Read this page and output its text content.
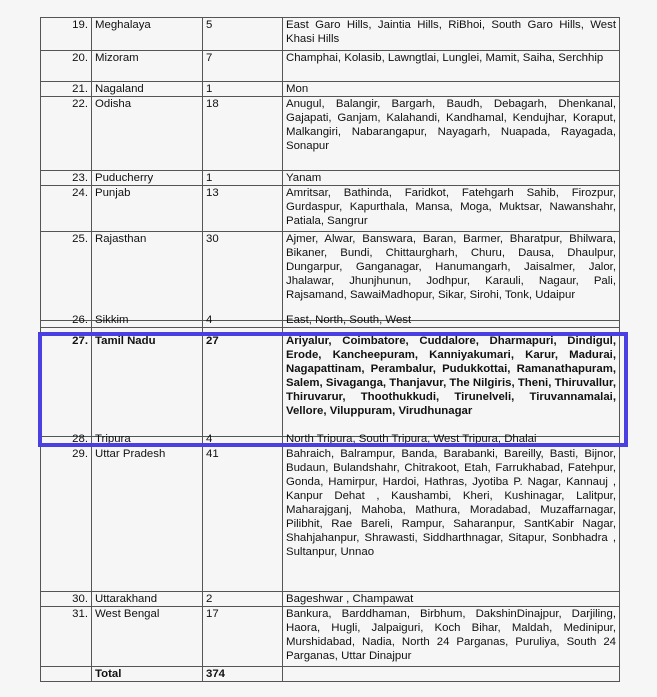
19.	Meghalaya	5	East Garo Hills, Jaintia Hills, RiBhoi, South Garo Hills, West Khasi Hills
20.	Mizoram	7	Champhai, Kolasib, Lawngtlai, Lunglei, Mamit, Saiha, Serchhip
21.	Nagaland	1	Mon
22.	Odisha	18	Anugul, Balangir, Bargarh, Baudh, Debagarh, Dhenkanal, Gajapati, Ganjam, Kalahandi, Kandhamal, Kendujhar, Koraput, Malkangiri, Nabarangapur, Nayagarh, Nuapada, Rayagada, Sonapur
23.	Puducherry	1	Yanam
24.	Punjab	13	Amritsar, Bathinda, Faridkot, Fatehgarh Sahib, Firozpur, Gurdaspur, Kapurthala, Mansa, Moga, Muktsar, Nawanshahr, Patiala, Sangrur
25.	Rajasthan	30	Ajmer, Alwar, Banswara, Baran, Barmer, Bharatpur, Bhilwara, Bikaner, Bundi, Chittaurgharh, Churu, Dausa, Dhaulpur, Dungarpur, Ganganagar, Hanumangarh, Jaisalmer, Jalor, Jhalawar, Jhunjhunun, Jodhpur, Karauli, Nagaur, Pali, Rajsamand, SawaiMadhopur, Sikar, Sirohi, Tonk, Udaipur

26.	Sikkim	4	East, North, South, West

27.	Tamil Nadu	27	Ariyalur, Coimbatore, Cuddalore, Dharmapuri, Dindigul, Erode, Kancheepuram, Kanniyakumari, Karur, Madurai, Nagapattinam, Perambalur, Pudukkottai, Ramanathapuram, Salem, Sivaganga, Thanjavur, The Nilgiris, Theni, Thiruvallur, Thiruvarur, Thoothukkudi, Tirunelveli, Tiruvannamalai, Vellore, Viluppuram, Virudhunagar

28.	Tripura	4	North Tripura, South Tripura, West Tripura, Dhalai

29.	Uttar Pradesh	41	Bahraich, Balrampur, Banda, Barabanki, Bareilly, Basti, Bijnor, Budaun, Bulandshahr, Chitrakoot, Etah, Farrukhabad, Fatehpur, Gonda, Hamirpur, Hardoi, Hathras, Jyotiba P. Nagar, Kannauj , Kanpur Dehat , Kaushambi, Kheri, Kushinagar, Lalitpur, Maharajganj, Mahoba, Mathura, Moradabad, Muzaffarnagar, Pilibhit, Rae Bareli, Rampur, Saharanpur, SantKabir Nagar, Shahjahanpur, Shrawasti, Siddharthnagar, Sitapur, Sonbhadra , Sultanpur, Unnao
30.	Uttarakhand	2	Bageshwar , Champawat
31.	West Bengal	17	Bankura, Barddhaman, Birbhum, DakshinDinajpur, Darjiling, Haora, Hugli, Jalpaiguri, Koch Bihar, Maldah, Medinipur, Murshidabad, Nadia, North 24 Parganas, Puruliya, South 24 Parganas, Uttar Dinajpur
	Total	374	
